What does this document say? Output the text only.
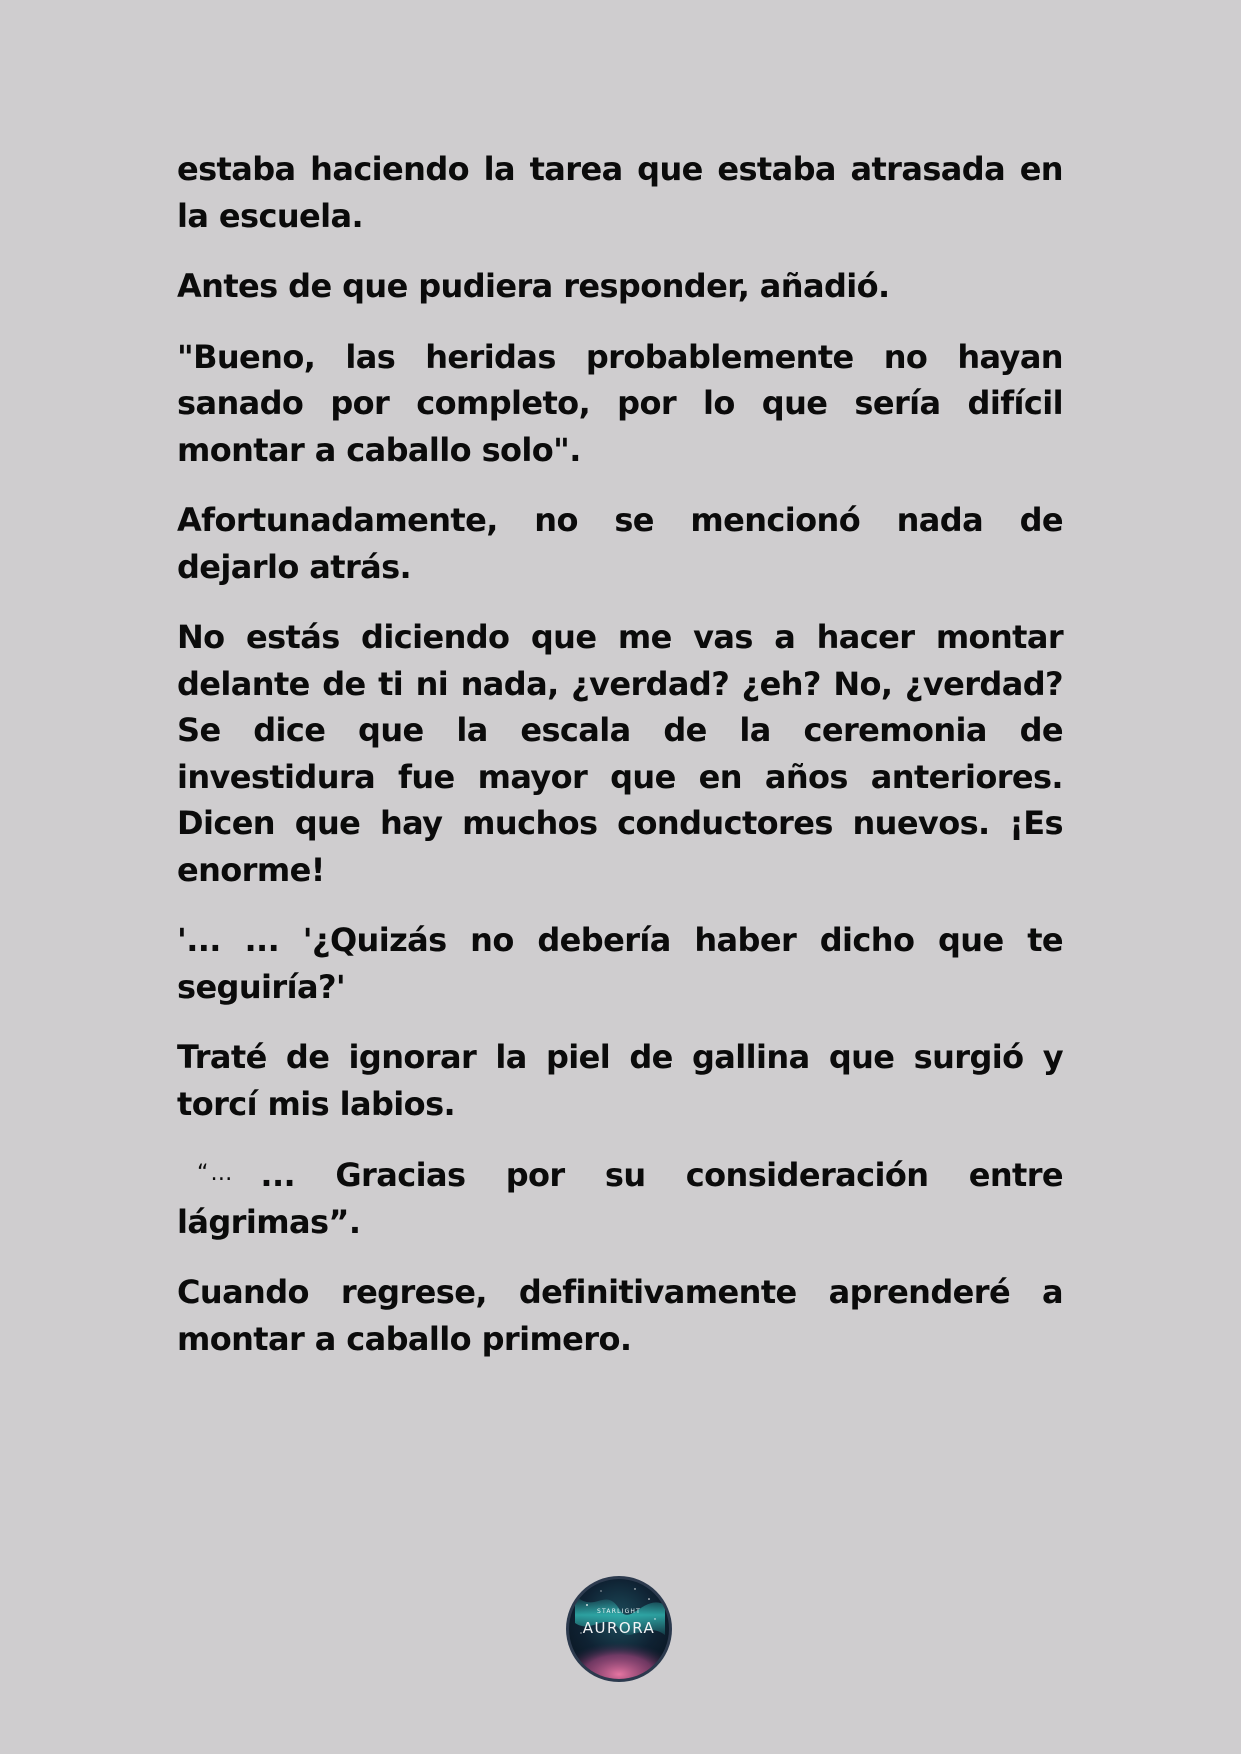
estaba haciendo la tarea que estaba atrasada en la escuela.

Antes de que pudiera responder, añadió.

"Bueno, las heridas probablemente no hayan sanado por completo, por lo que sería difícil montar a caballo solo".

Afortunadamente, no se mencionó nada de dejarlo atrás.

No estás diciendo que me vas a hacer montar delante de ti ni nada, ¿verdad? ¿eh? No, ¿verdad? Se dice que la escala de la ceremonia de investidura fue mayor que en años anteriores. Dicen que hay muchos conductores nuevos. ¡Es enorme!

'... ... '¿Quizás no debería haber dicho que te seguiría?'

Traté de ignorar la piel de gallina que surgió y torcí mis labios.

“… ... Gracias por su consideración entre lágrimas”.

Cuando regrese, definitivamente aprenderé a montar a caballo primero.

STARLIGHT
AURORA
